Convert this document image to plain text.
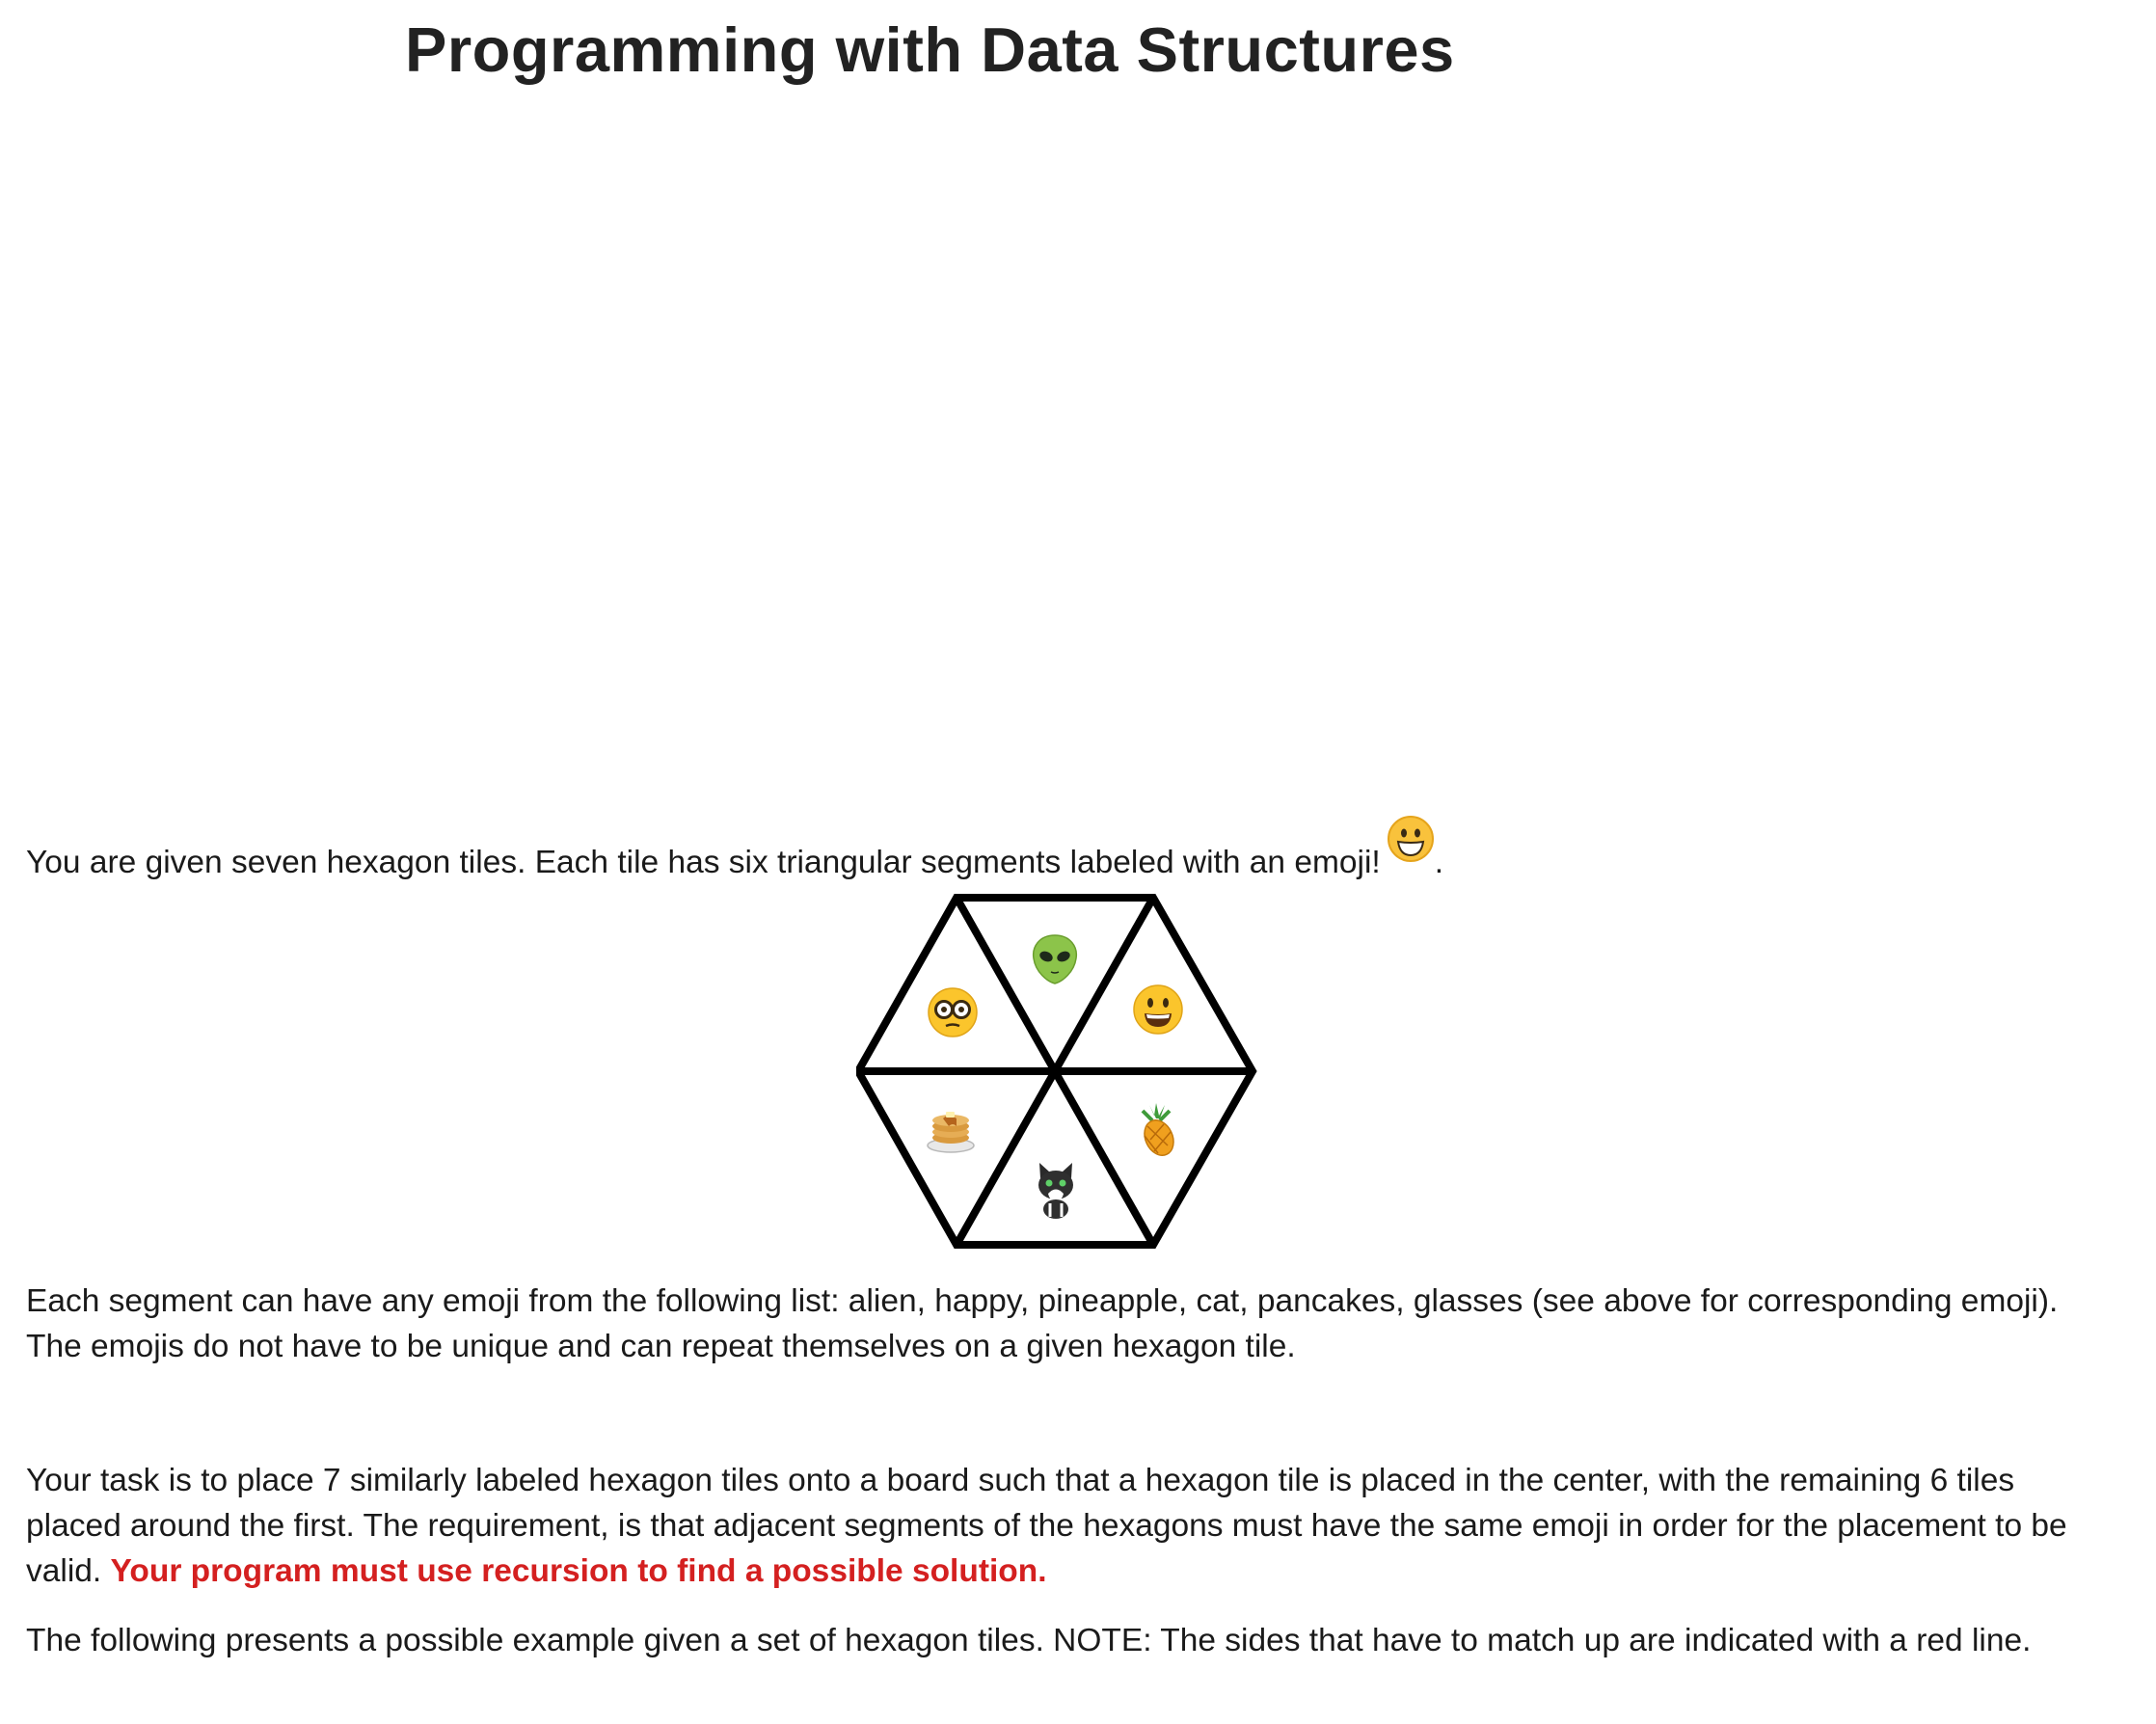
Programming with Data Structures

You are given seven hexagon tiles. Each tile has six triangular segments labeled with an emoji! .

Each segment can have any emoji from the following list: alien, happy, pineapple, cat, pancakes, glasses (see above for corresponding emoji). The emojis do not have to be unique and can repeat themselves on a given hexagon tile.

Your task is to place 7 similarly labeled hexagon tiles onto a board such that a hexagon tile is placed in the center, with the remaining 6 tiles placed around the first. The requirement, is that adjacent segments of the hexagons must have the same emoji in order for the placement to be valid. Your program must use recursion to find a possible solution.

The following presents a possible example given a set of hexagon tiles. NOTE: The sides that have to match up are indicated with a red line.
